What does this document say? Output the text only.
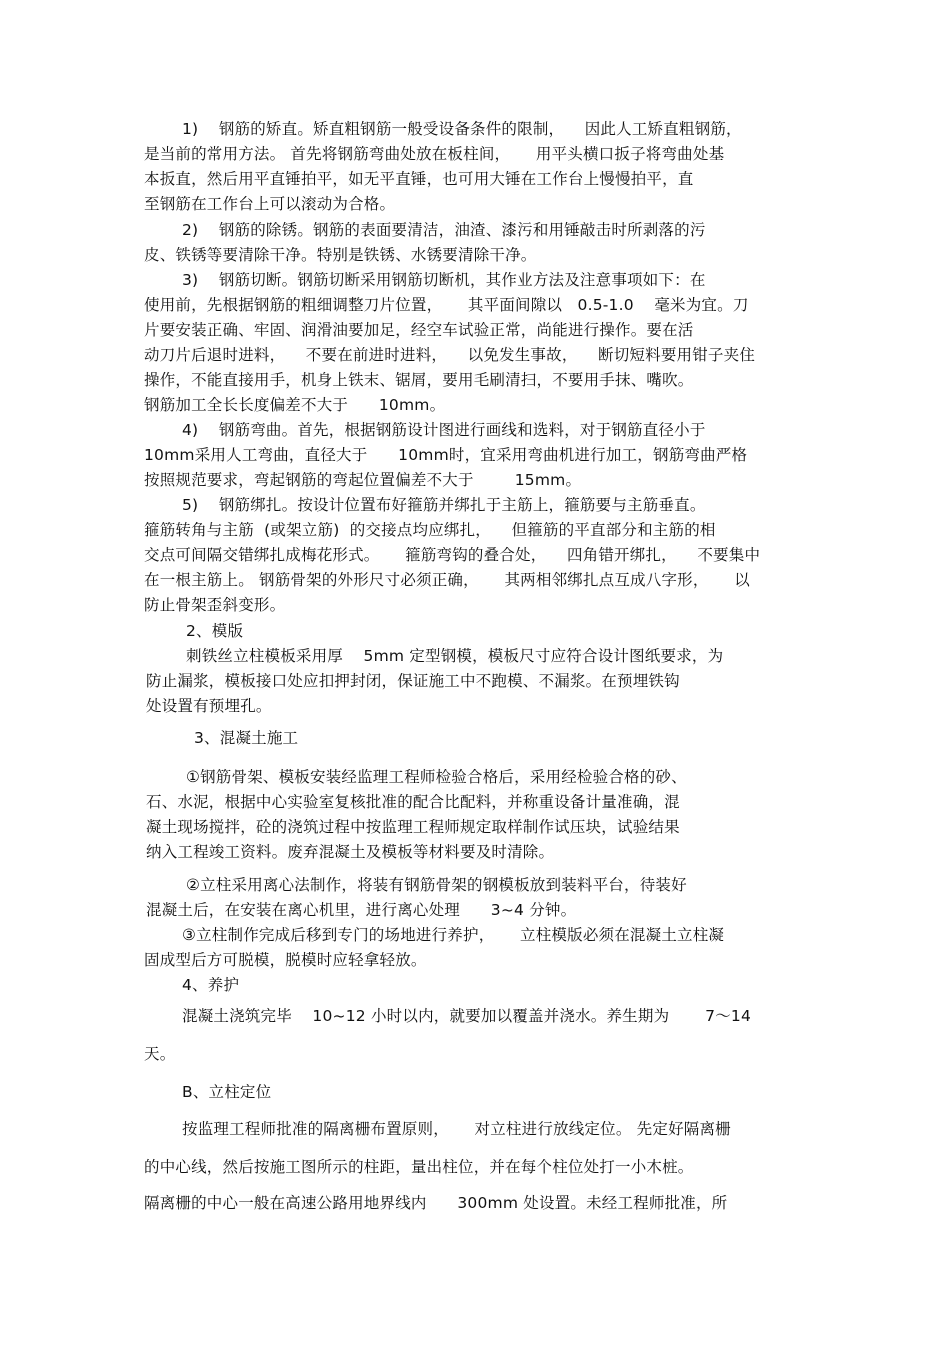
1)    钢筋的矫直。矫直粗钢筋一般受设备条件的限制，    因此人工矫直粗钢筋，
是当前的常用方法。 首先将钢筋弯曲处放在板柱间，     用平头横口扳子将弯曲处基
本扳直，然后用平直锤拍平，如无平直锤，也可用大锤在工作台上慢慢拍平，直
至钢筋在工作台上可以滚动为合格。
2)    钢筋的除锈。钢筋的表面要清洁，油渣、漆污和用锤敲击时所剥落的污
皮、铁锈等要清除干净。特别是铁锈、水锈要清除干净。
3)    钢筋切断。钢筋切断采用钢筋切断机，其作业方法及注意事项如下：在
使用前，先根据钢筋的粗细调整刀片位置，     其平面间隙以   0.5-1.0    毫米为宜。刀
片要安装正确、牢固、润滑油要加足，经空车试验正常，尚能进行操作。要在活
动刀片后退时进料，    不要在前进时进料，    以免发生事故，    断切短料要用钳子夹住
操作，不能直接用手，机身上铁末、锯屑，要用毛刷清扫，不要用手抹、嘴吹。
钢筋加工全长长度偏差不大于      10mm。
4)    钢筋弯曲。首先，根据钢筋设计图进行画线和选料，对于钢筋直径小于
10mm采用人工弯曲，直径大于      10mm时，宜采用弯曲机进行加工，钢筋弯曲严格
按照规范要求，弯起钢筋的弯起位置偏差不大于        15mm。
5)    钢筋绑扎。按设计位置布好箍筋并绑扎于主筋上，箍筋要与主筋垂直。
箍筋转角与主筋  (或架立筋)  的交接点均应绑扎，    但箍筋的平直部分和主筋的相
交点可间隔交错绑扎成梅花形式。     箍筋弯钩的叠合处，    四角错开绑扎，    不要集中
在一根主筋上。 钢筋骨架的外形尺寸必须正确，     其两相邻绑扎点互成八字形，     以
防止骨架歪斜变形。
2、模版
刺铁丝立柱模板采用厚    5mm 定型钢模，模板尺寸应符合设计图纸要求，为
防止漏浆，模板接口处应扣押封闭，保证施工中不跑模、不漏浆。在预埋铁钩
处设置有预埋孔。
3、混凝土施工
①钢筋骨架、模板安装经监理工程师检验合格后，采用经检验合格的砂、
石、水泥，根据中心实验室复核批准的配合比配料，并称重设备计量准确，混
凝土现场搅拌，砼的浇筑过程中按监理工程师规定取样制作试压块，试验结果
纳入工程竣工资料。废弃混凝土及模板等材料要及时清除。
②立柱采用离心法制作，将装有钢筋骨架的钢模板放到装料平台，待装好
混凝土后，在安装在离心机里，进行离心处理      3~4 分钟。
③立柱制作完成后移到专门的场地进行养护，     立柱模版必须在混凝土立柱凝
固成型后方可脱模，脱模时应轻拿轻放。
4、养护
混凝土浇筑完毕    10~12 小时以内，就要加以覆盖并浇水。养生期为       7～14
天。
B、立柱定位
按监理工程师批准的隔离栅布置原则，     对立柱进行放线定位。 先定好隔离栅
的中心线，然后按施工图所示的柱距，量出柱位，并在每个柱位处打一小木桩。
隔离栅的中心一般在高速公路用地界线内      300mm 处设置。未经工程师批准，所
